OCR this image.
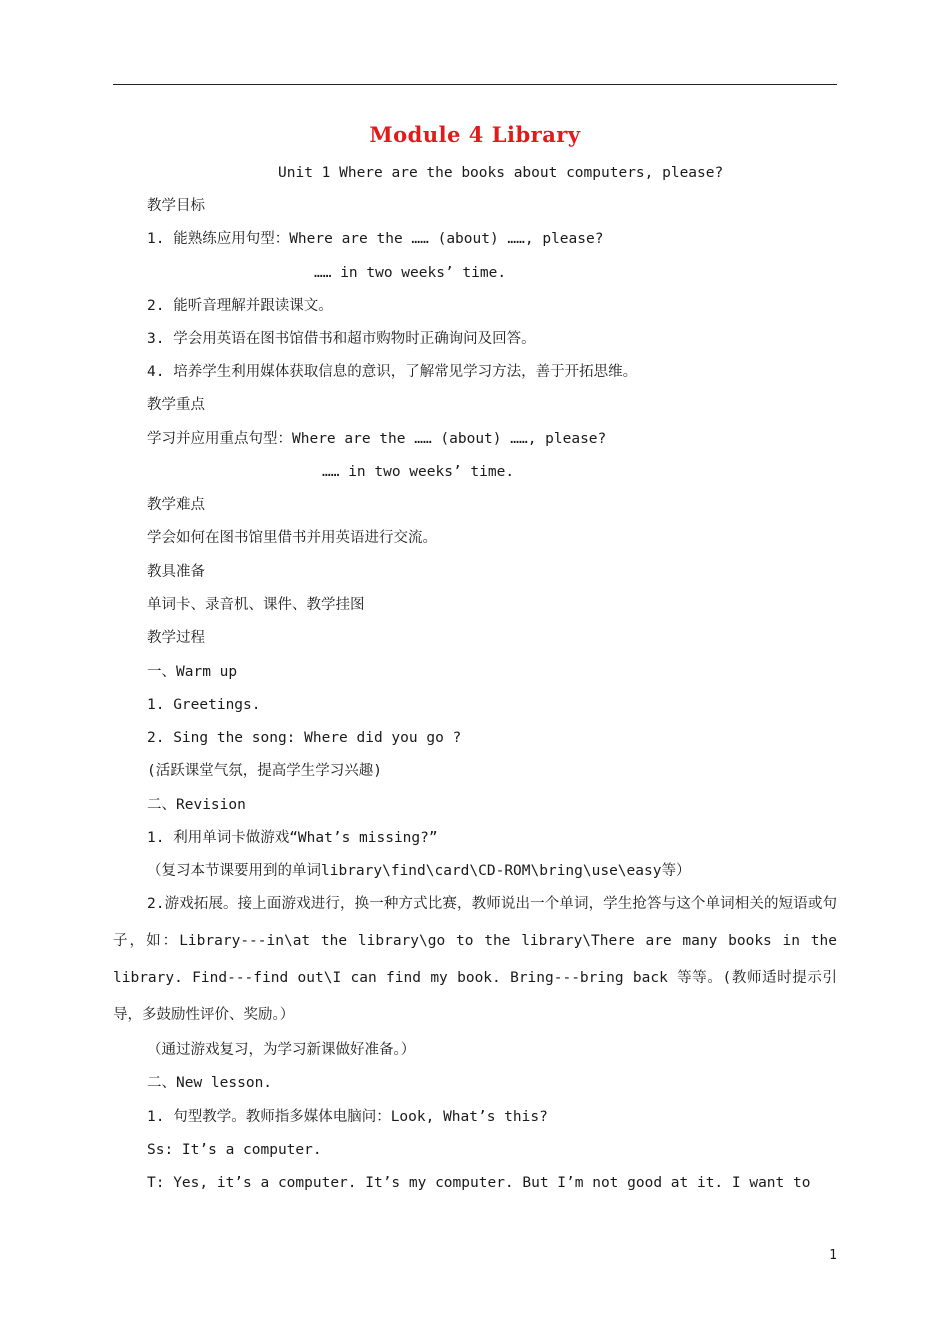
Module 4 Library
Unit 1 Where are the books about computers, please?
教学目标
1. 能熟练应用句型：Where are the …… (about) ……, please?
…… in two weeks’ time.
2. 能听音理解并跟读课文。
3. 学会用英语在图书馆借书和超市购物时正确询问及回答。
4. 培养学生利用媒体获取信息的意识，了解常见学习方法，善于开拓思维。
教学重点
学习并应用重点句型：Where are the …… (about) ……, please?
…… in two weeks’ time.
教学难点
学会如何在图书馆里借书并用英语进行交流。
教具准备
单词卡、录音机、课件、教学挂图
教学过程
一、Warm up
1. Greetings.
2. Sing the song: Where did you go ?
(活跃课堂气氛，提高学生学习兴趣)
二、Revision
1. 利用单词卡做游戏“What’s missing?”
（复习本节课要用到的单词library\find\card\CD-ROM\bring\use\easy等）
2.游戏拓展。接上面游戏进行，换一种方式比赛，教师说出一个单词，学生抢答与这个单词相关的短语或句子，如：Library---in\at the library\go to the library\There are many books in the library. Find---find out\I can find my book. Bring---bring back 等等。(教师适时提示引导，多鼓励性评价、奖励。）
（通过游戏复习，为学习新课做好准备。）
二、New lesson.
1. 句型教学。教师指多媒体电脑问：Look, What’s this?
Ss: It’s a computer.
T: Yes, it’s a computer. It’s my computer. But I’m not good at it. I want to
1
